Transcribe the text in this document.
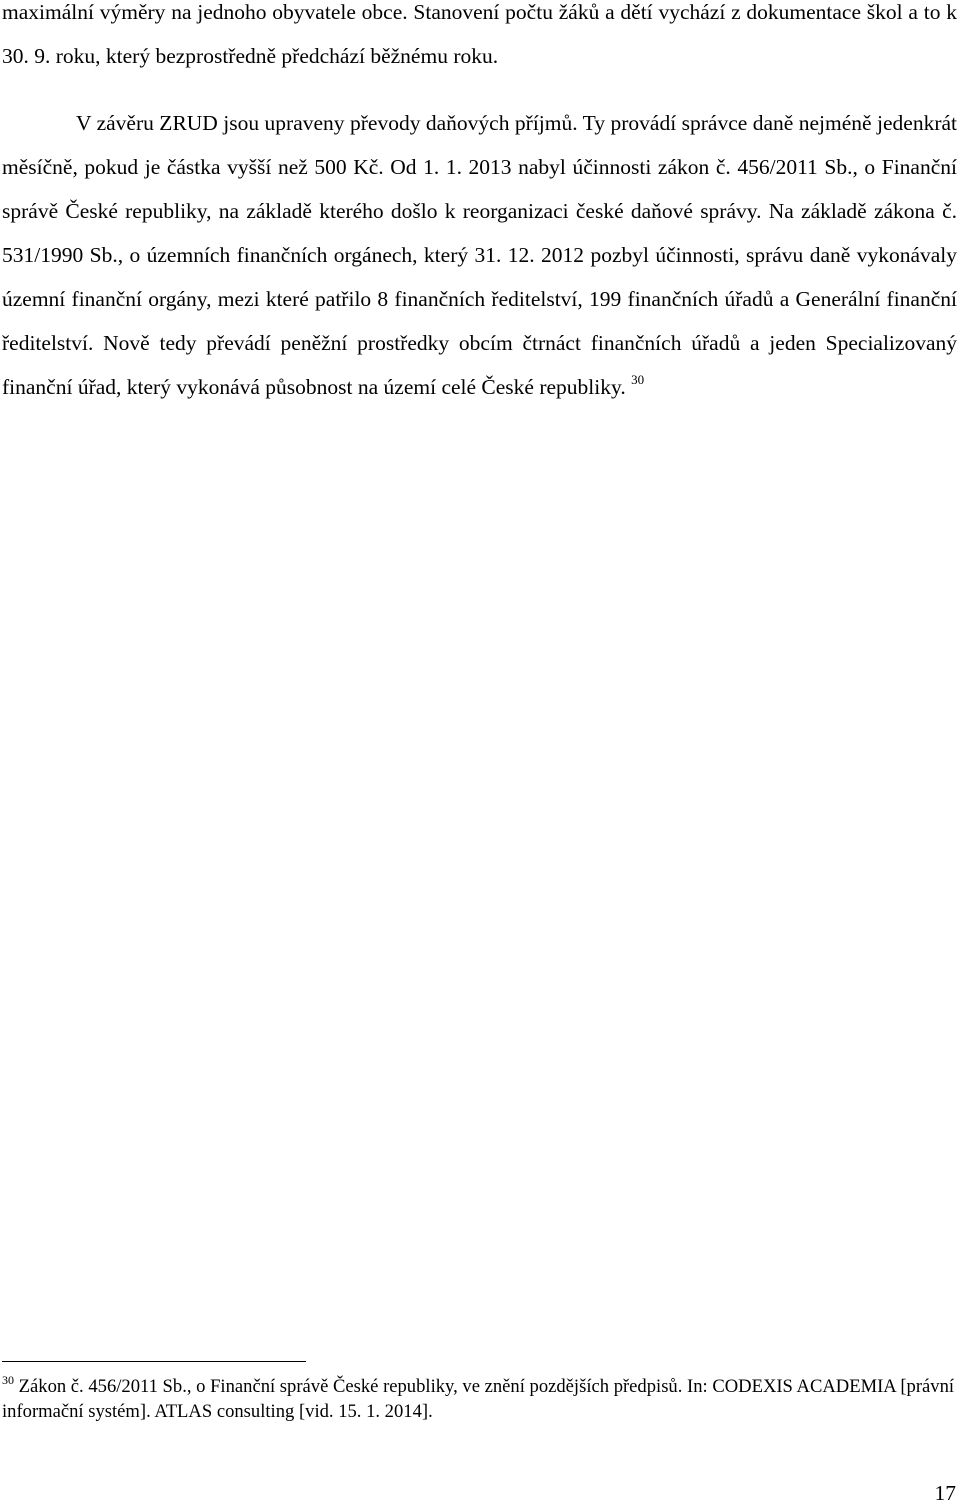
maximální výměry na jednoho obyvatele obce. Stanovení počtu žáků a dětí vychází z dokumentace škol a to k 30. 9. roku, který bezprostředně předchází běžnému roku.

V závěru ZRUD jsou upraveny převody daňových příjmů. Ty provádí správce daně nejméně jedenkrát měsíčně, pokud je částka vyšší než 500 Kč. Od 1. 1. 2013 nabyl účinnosti zákon č. 456/2011 Sb., o Finanční správě České republiky, na základě kterého došlo k reorganizaci české daňové správy. Na základě zákona č. 531/1990 Sb., o územních finančních orgánech, který 31. 12. 2012 pozbyl účinnosti, správu daně vykonávaly územní finanční orgány, mezi které patřilo 8 finančních ředitelství, 199 finančních úřadů a Generální finanční ředitelství. Nově tedy převádí peněžní prostředky obcím čtrnáct finančních úřadů a jeden Specializovaný finanční úřad, který vykonává působnost na území celé České republiky. $^{30}$

$^{30}$ Zákon č. 456/2011 Sb., o Finanční správě České republiky, ve znění pozdějších předpisů. In: CODEXIS ACADEMIA [právní informační systém]. ATLAS consulting [vid. 15. 1. 2014].

17
